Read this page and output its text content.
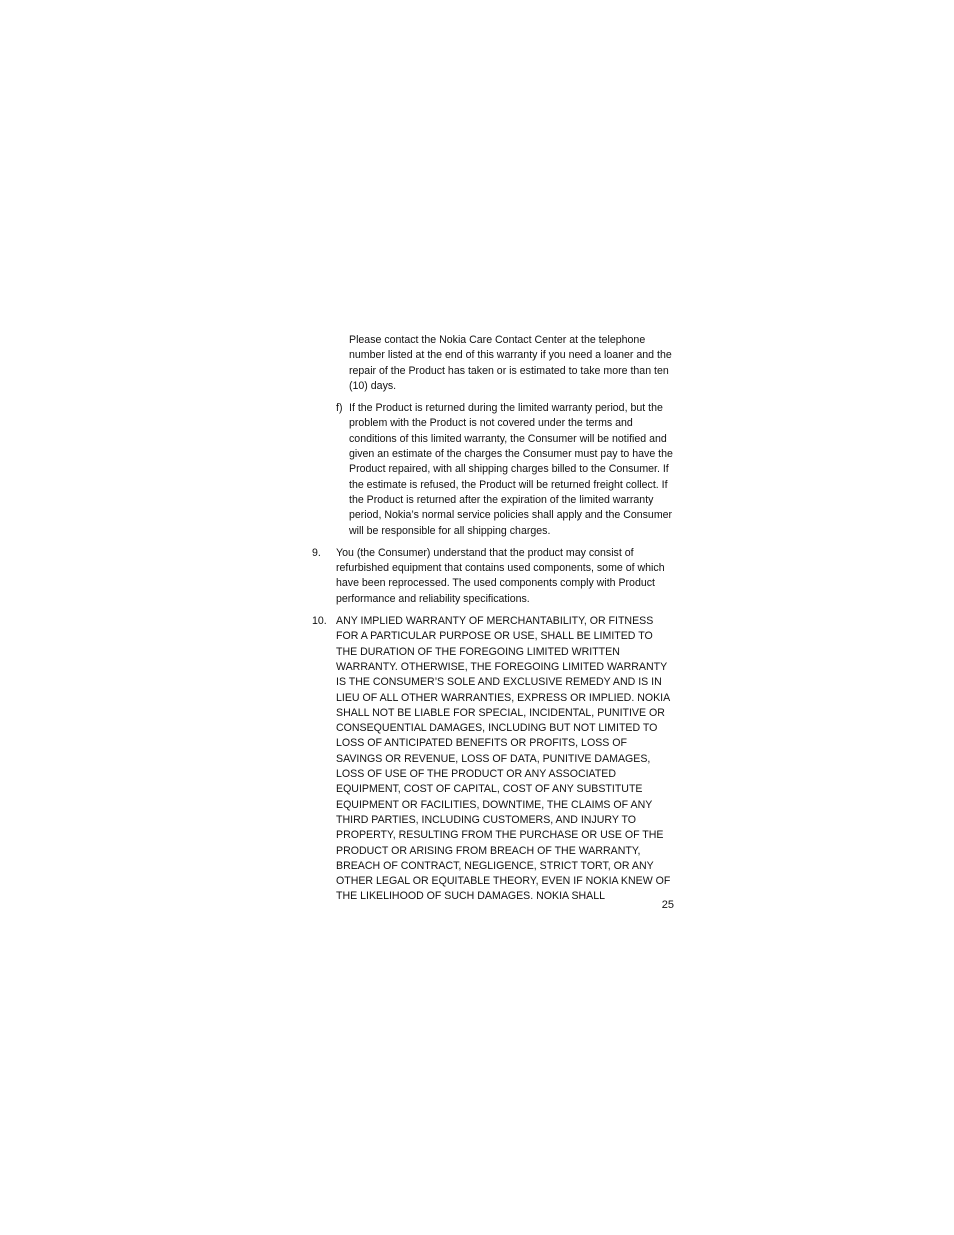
Please contact the Nokia Care Contact Center at the telephone number listed at the end of this warranty if you need a loaner and the repair of the Product has taken or is estimated to take more than ten (10) days.

f) If the Product is returned during the limited warranty period, but the problem with the Product is not covered under the terms and conditions of this limited warranty, the Consumer will be notified and given an estimate of the charges the Consumer must pay to have the Product repaired, with all shipping charges billed to the Consumer. If the estimate is refused, the Product will be returned freight collect. If the Product is returned after the expiration of the limited warranty period, Nokia’s normal service policies shall apply and the Consumer will be responsible for all shipping charges.
9.	You (the Consumer) understand that the product may consist of refurbished equipment that contains used components, some of which have been reprocessed. The used components comply with Product performance and reliability specifications.
10. ANY IMPLIED WARRANTY OF MERCHANTABILITY, OR FITNESS FOR A PARTICULAR PURPOSE OR USE, SHALL BE LIMITED TO THE DURATION OF THE FOREGOING LIMITED WRITTEN WARRANTY. OTHERWISE, THE FOREGOING LIMITED WARRANTY IS THE CONSUMER’S SOLE AND EXCLUSIVE REMEDY AND IS IN LIEU OF ALL OTHER WARRANTIES, EXPRESS OR IMPLIED. NOKIA SHALL NOT BE LIABLE FOR SPECIAL, INCIDENTAL, PUNITIVE OR CONSEQUENTIAL DAMAGES, INCLUDING BUT NOT LIMITED TO LOSS OF ANTICIPATED BENEFITS OR PROFITS, LOSS OF SAVINGS OR REVENUE, LOSS OF DATA, PUNITIVE DAMAGES, LOSS OF USE OF THE PRODUCT OR ANY ASSOCIATED EQUIPMENT, COST OF CAPITAL, COST OF ANY SUBSTITUTE EQUIPMENT OR FACILITIES, DOWNTIME, THE CLAIMS OF ANY THIRD PARTIES, INCLUDING CUSTOMERS, AND INJURY TO PROPERTY, RESULTING FROM THE PURCHASE OR USE OF THE PRODUCT OR ARISING FROM BREACH OF THE WARRANTY, BREACH OF CONTRACT, NEGLIGENCE, STRICT TORT, OR ANY OTHER LEGAL OR EQUITABLE THEORY, EVEN IF NOKIA KNEW OF THE LIKELIHOOD OF SUCH DAMAGES. NOKIA SHALL
25
